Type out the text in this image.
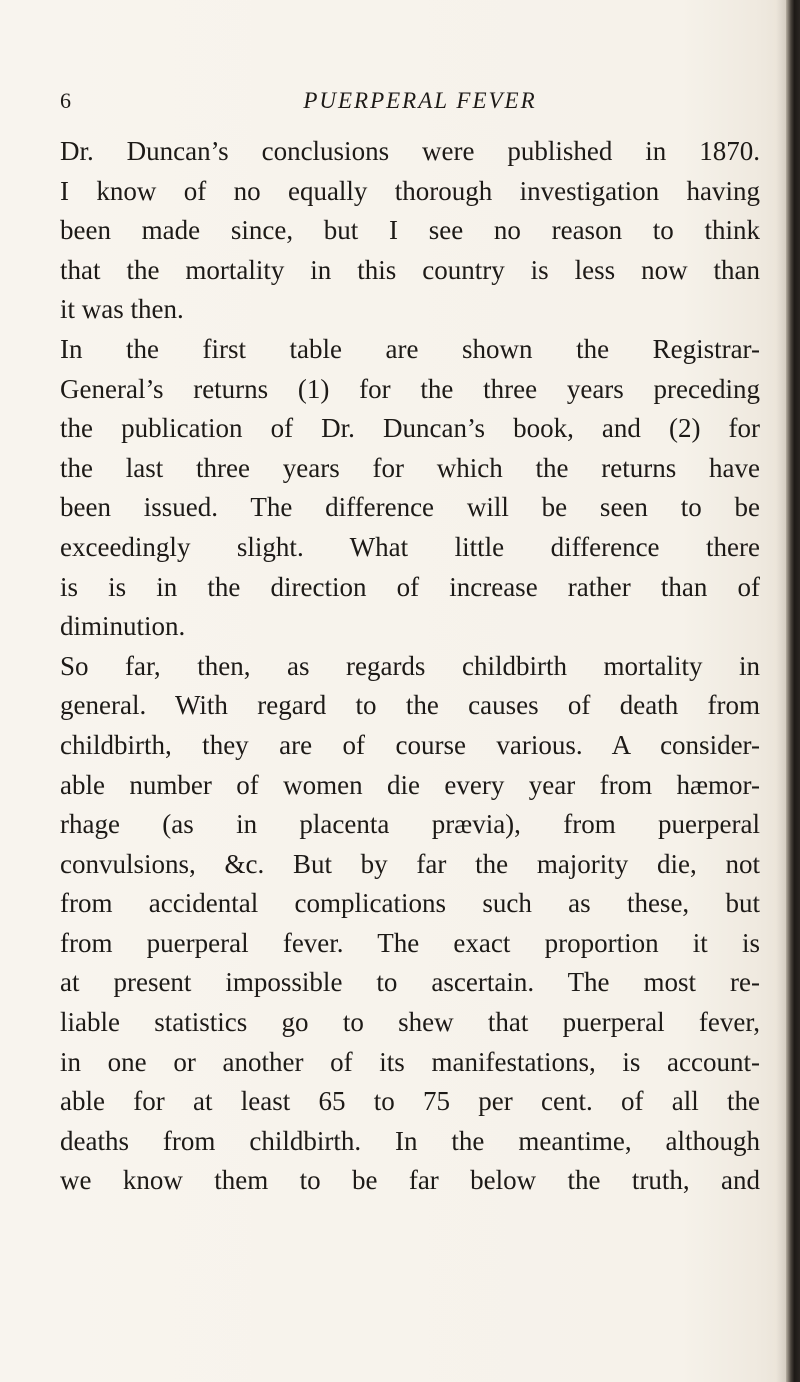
6	PUERPERAL FEVER
Dr. Duncan’s conclusions were published in 1870.
I know of no equally thorough investigation having
been made since, but I see no reason to think
that the mortality in this country is less now than
it was then.
In the first table are shown the Registrar-
General’s returns (1) for the three years preceding
the publication of Dr. Duncan’s book, and (2) for
the last three years for which the returns have
been issued. The difference will be seen to be
exceedingly slight. What little difference there
is is in the direction of increase rather than of
diminution.
So far, then, as regards childbirth mortality in
general. With regard to the causes of death from
childbirth, they are of course various. A consider-
able number of women die every year from hæmor-
rhage (as in placenta prævia), from puerperal
convulsions, &c. But by far the majority die, not
from accidental complications such as these, but
from puerperal fever. The exact proportion it is
at present impossible to ascertain. The most re-
liable statistics go to shew that puerperal fever,
in one or another of its manifestations, is account-
able for at least 65 to 75 per cent. of all the
deaths from childbirth. In the meantime, although
we know them to be far below the truth, and
